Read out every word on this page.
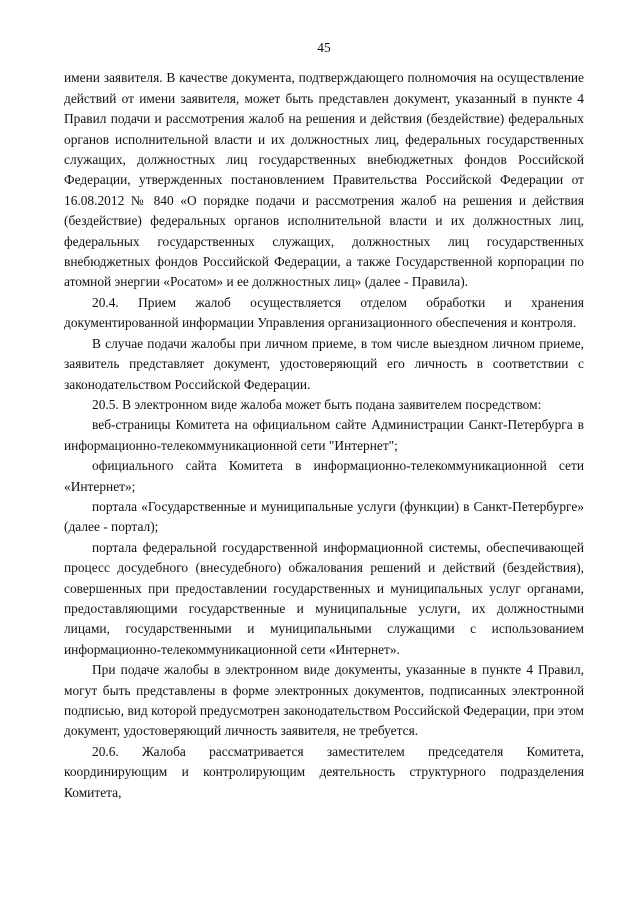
45

имени заявителя. В качестве документа, подтверждающего полномочия на осуществление действий от имени заявителя, может быть представлен документ, указанный в пункте 4 Правил подачи и рассмотрения жалоб на решения и действия (бездействие) федеральных органов исполнительной власти и их должностных лиц, федеральных государственных служащих, должностных лиц государственных внебюджетных фондов Российской Федерации, утвержденных постановлением Правительства Российской Федерации от 16.08.2012 № 840 «О порядке подачи и рассмотрения жалоб на решения и действия (бездействие) федеральных органов исполнительной власти и их должностных лиц, федеральных государственных служащих, должностных лиц государственных внебюджетных фондов Российской Федерации, а также Государственной корпорации по атомной энергии «Росатом» и ее должностных лиц» (далее - Правила).

20.4. Прием жалоб осуществляется отделом обработки и хранения документированной информации Управления организационного обеспечения и контроля.

В случае подачи жалобы при личном приеме, в том числе выездном личном приеме, заявитель представляет документ, удостоверяющий его личность в соответствии с законодательством Российской Федерации.

20.5. В электронном виде жалоба может быть подана заявителем посредством:

веб-страницы Комитета на официальном сайте Администрации Санкт-Петербурга в информационно-телекоммуникационной сети "Интернет";

официального сайта Комитета в информационно-телекоммуникационной сети «Интернет»;

портала «Государственные и муниципальные услуги (функции) в Санкт-Петербурге» (далее - портал);

портала федеральной государственной информационной системы, обеспечивающей процесс досудебного (внесудебного) обжалования решений и действий (бездействия), совершенных при предоставлении государственных и муниципальных услуг органами, предоставляющими государственные и муниципальные услуги, их должностными лицами, государственными и муниципальными служащими с использованием информационно-телекоммуникационной сети «Интернет».

При подаче жалобы в электронном виде документы, указанные в пункте 4 Правил, могут быть представлены в форме электронных документов, подписанных электронной подписью, вид которой предусмотрен законодательством Российской Федерации, при этом документ, удостоверяющий личность заявителя, не требуется.

20.6. Жалоба рассматривается заместителем председателя Комитета, координирующим и контролирующим деятельность структурного подразделения Комитета,
